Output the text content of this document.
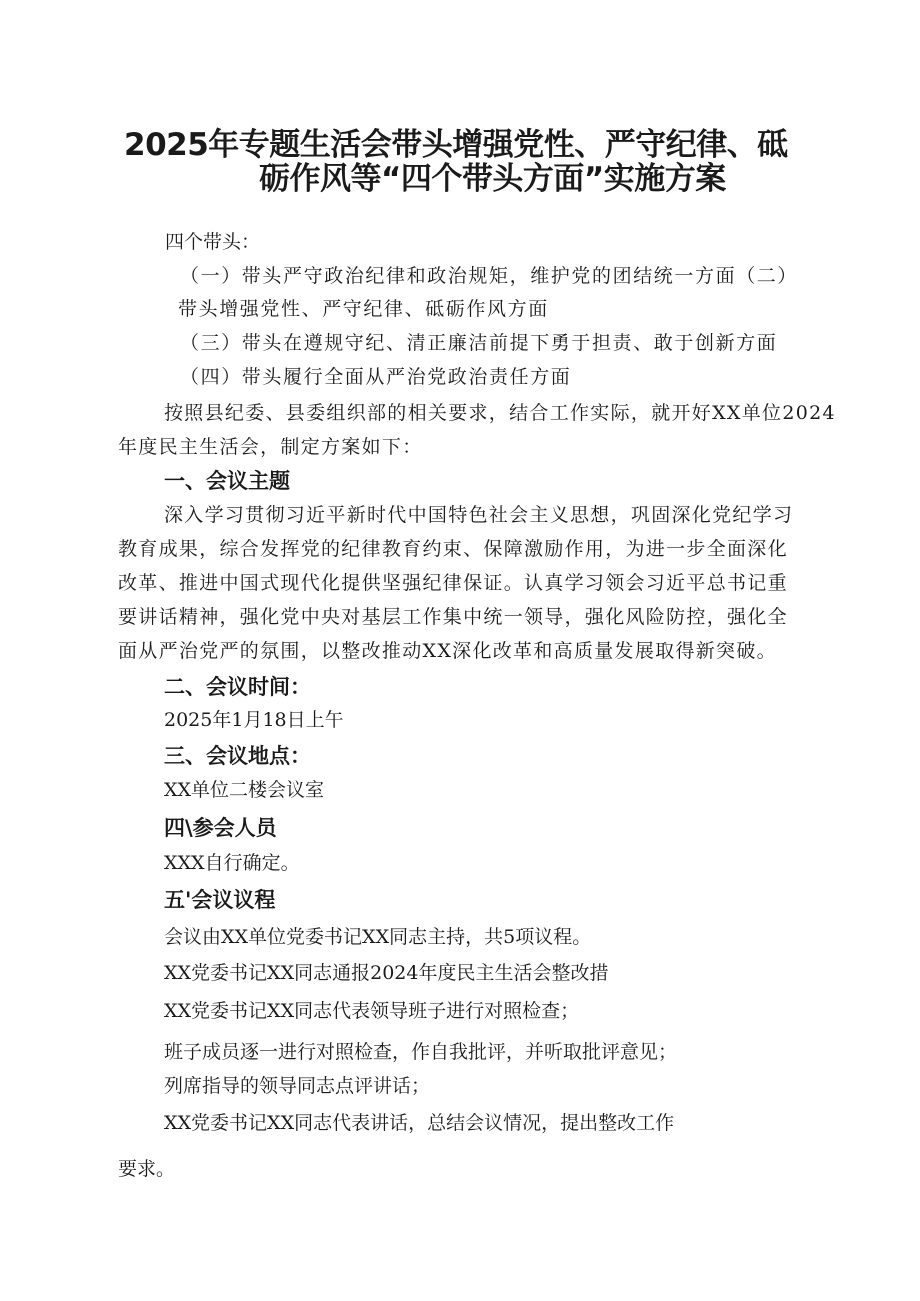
2025年专题生活会带头增强党性、严守纪律、砥
砺作风等“四个带头方面”实施方案
四个带头：
（一）带头严守政治纪律和政治规矩，维护党的团结统一方面（二）
带头增强党性、严守纪律、砥砺作风方面
（三）带头在遵规守纪、清正廉洁前提下勇于担责、敢于创新方面
（四）带头履行全面从严治党政治责任方面
按照县纪委、县委组织部的相关要求，结合工作实际，就开好XX单位2024
年度民主生活会，制定方案如下：
一、会议主题
深入学习贯彻习近平新时代中国特色社会主义思想，巩固深化党纪学习
教育成果，综合发挥党的纪律教育约束、保障激励作用，为进一步全面深化
改革、推进中国式现代化提供坚强纪律保证。认真学习领会习近平总书记重
要讲话精神，强化党中央对基层工作集中统一领导，强化风险防控，强化全
面从严治党严的氛围，以整改推动XX深化改革和高质量发展取得新突破。
二、会议时间：
2025年1月18日上午
三、会议地点：
XX单位二楼会议室
四\参会人员
XXX自行确定。
五'会议议程
会议由XX单位党委书记XX同志主持，共5项议程。
XX党委书记XX同志通报2024年度民主生活会整改措
XX党委书记XX同志代表领导班子进行对照检查；
班子成员逐一进行对照检查，作自我批评，并听取批评意见；
列席指导的领导同志点评讲话；
XX党委书记XX同志代表讲话，总结会议情况，提出整改工作
要求。
